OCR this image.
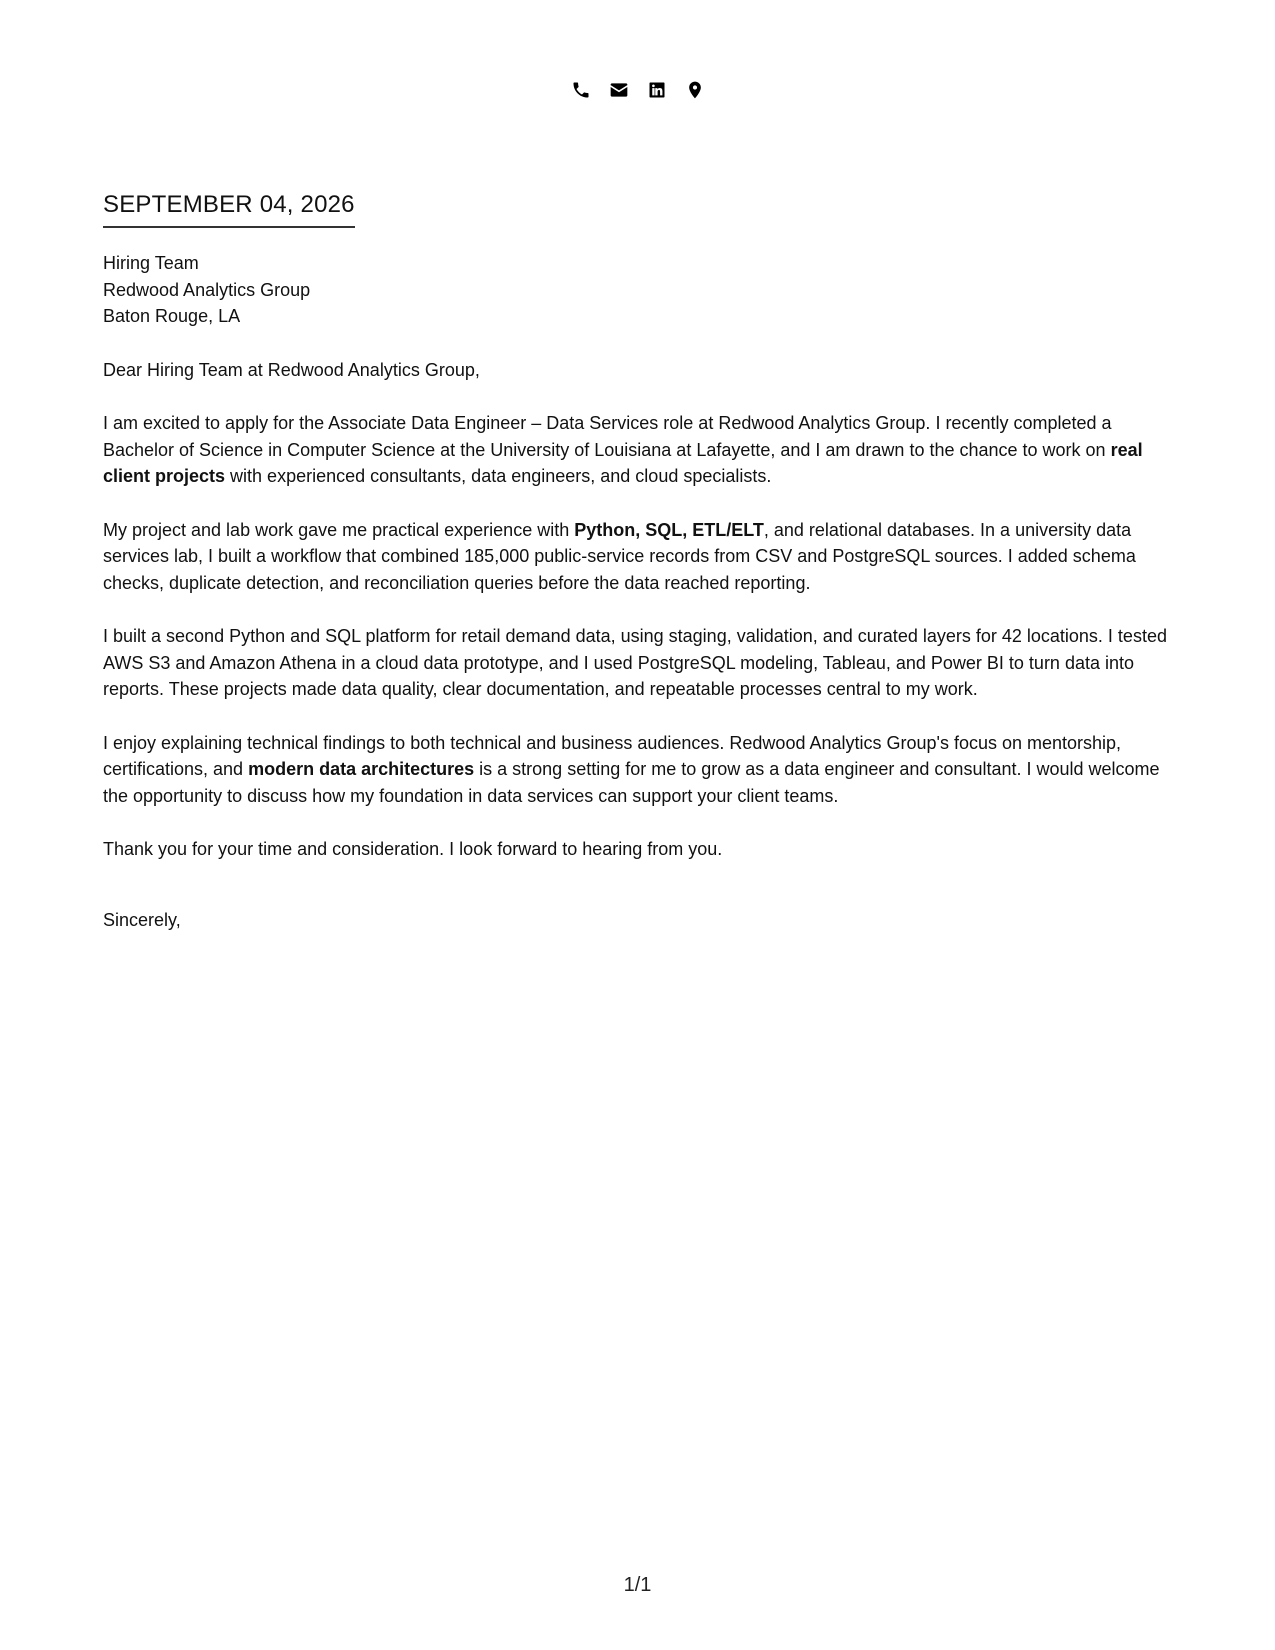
SEPTEMBER 04, 2026

Hiring Team

Redwood Analytics Group

Baton Rouge, LA

Dear Hiring Team at Redwood Analytics Group,

I am excited to apply for the Associate Data Engineer – Data Services role at Redwood Analytics Group. I recently completed a Bachelor of Science in Computer Science at the University of Louisiana at Lafayette, and I am drawn to the chance to work on real client projects with experienced consultants, data engineers, and cloud specialists.

My project and lab work gave me practical experience with Python, SQL, ETL/ELT, and relational databases. In a university data services lab, I built a workflow that combined 185,000 public-service records from CSV and PostgreSQL sources. I added schema checks, duplicate detection, and reconciliation queries before the data reached reporting.

I built a second Python and SQL platform for retail demand data, using staging, validation, and curated layers for 42 locations. I tested AWS S3 and Amazon Athena in a cloud data prototype, and I used PostgreSQL modeling, Tableau, and Power BI to turn data into reports. These projects made data quality, clear documentation, and repeatable processes central to my work.

I enjoy explaining technical findings to both technical and business audiences. Redwood Analytics Group's focus on mentorship, certifications, and modern data architectures is a strong setting for me to grow as a data engineer and consultant. I would welcome the opportunity to discuss how my foundation in data services can support your client teams.

Thank you for your time and consideration. I look forward to hearing from you.

Sincerely,

1/1
